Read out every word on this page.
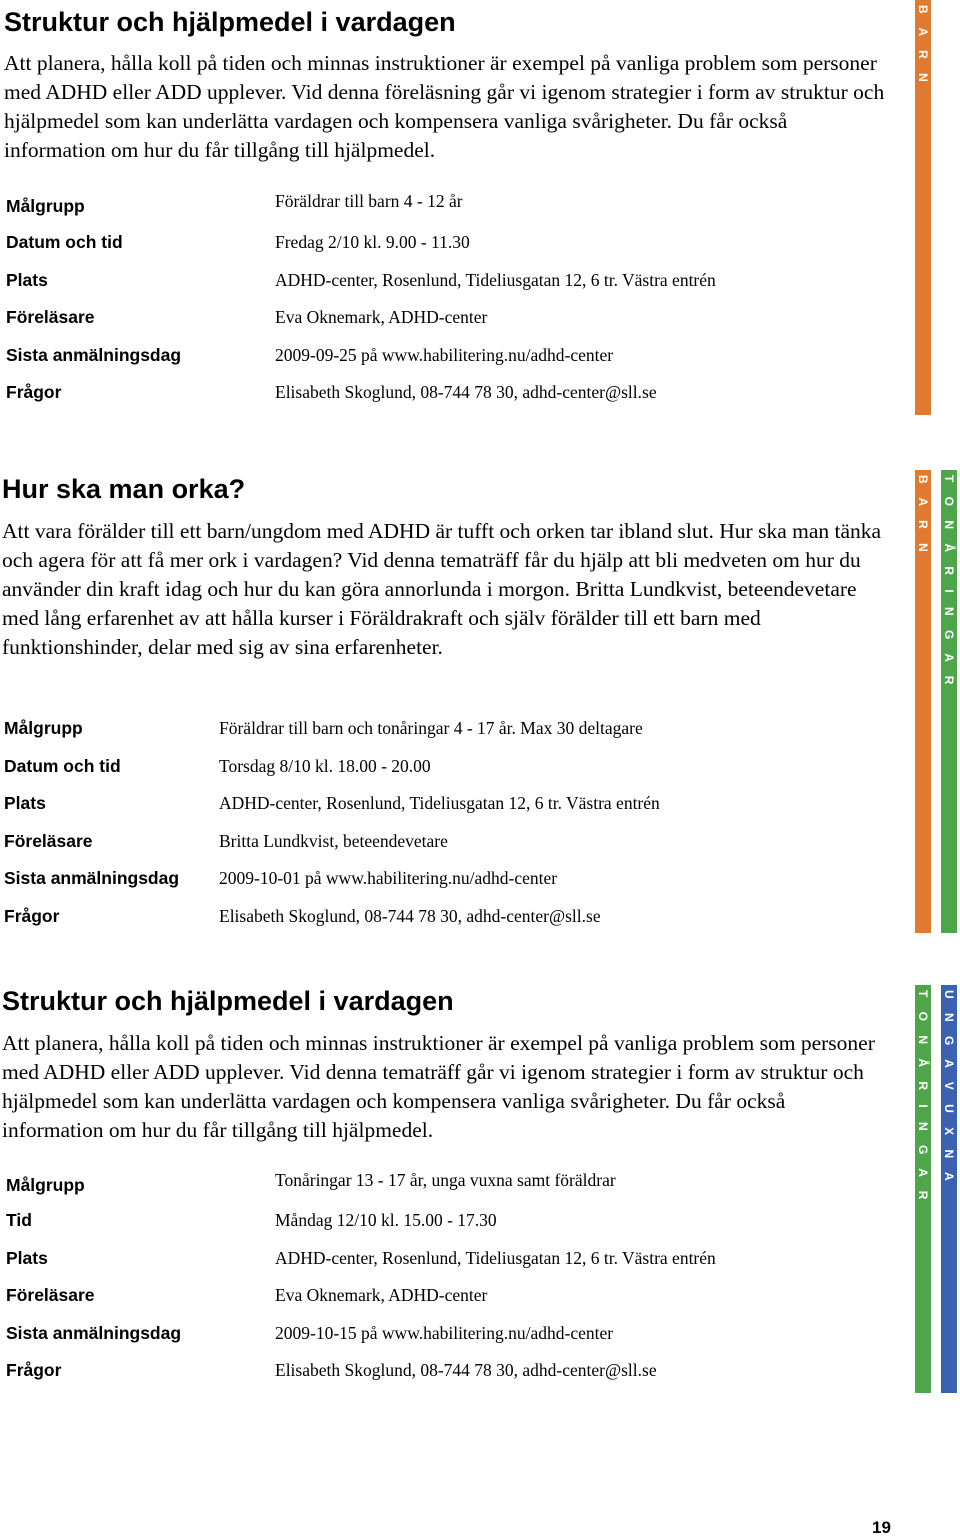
Struktur och hjälpmedel i vardagen

Att planera, hålla koll på tiden och minnas instruktioner är exempel på vanliga problem som personer med ADHD eller ADD upplever. Vid denna föreläsning går vi igenom strategier i form av struktur och hjälpmedel som kan underlätta vardagen och kompensera vanliga svårigheter. Du får också information om hur du får tillgång till hjälpmedel.

Målgrupp	Föräldrar till barn 4 - 12 år
Datum och tid	Fredag 2/10 kl. 9.00 - 11.30
Plats	ADHD-center, Rosenlund, Tideliusgatan 12, 6 tr. Västra entrén
Föreläsare	Eva Oknemark, ADHD-center
Sista anmälningsdag	2009-09-25 på www.habilitering.nu/adhd-center
Frågor	Elisabeth Skoglund, 08-744 78 30, adhd-center@sll.se
B A R N
Hur ska man orka?

Att vara förälder till ett barn/ungdom med ADHD är tufft och orken tar ibland slut. Hur ska man tänka och agera för att få mer ork i vardagen? Vid denna tematräff får du hjälp att bli medveten om hur du använder din kraft idag och hur du kan göra annorlunda i morgon. Britta Lundkvist, beteendevetare med lång erfarenhet av att hålla kurser i Föräldrakraft och själv förälder till ett barn med funktionshinder, delar med sig av sina erfarenheter.

Målgrupp	Föräldrar till barn och tonåringar 4 - 17 år. Max 30 deltagare
Datum och tid	Torsdag 8/10 kl. 18.00 - 20.00
Plats	ADHD-center, Rosenlund, Tideliusgatan 12, 6 tr. Västra entrén
Föreläsare	Britta Lundkvist, beteendevetare
Sista anmälningsdag 2009-10-01 på www.habilitering.nu/adhd-center
Frågor	Elisabeth Skoglund, 08-744 78 30, adhd-center@sll.se
B A R N T O N Å R I N G A R
Struktur och hjälpmedel i vardagen

Att planera, hålla koll på tiden och minnas instruktioner är exempel på vanliga problem som personer med ADHD eller ADD upplever. Vid denna tematräff går vi igenom strategier i form av struktur och hjälpmedel som kan underlätta vardagen och kompensera vanliga svårigheter. Du får också information om hur du får tillgång till hjälpmedel.

Målgrupp	Tonåringar 13 - 17 år, unga vuxna samt föräldrar
Tid	Måndag 12/10 kl. 15.00 - 17.30
Plats	ADHD-center, Rosenlund, Tideliusgatan 12, 6 tr. Västra entrén
Föreläsare	Eva Oknemark, ADHD-center
Sista anmälningsdag	2009-10-15 på www.habilitering.nu/adhd-center
Frågor	Elisabeth Skoglund, 08-744 78 30, adhd-center@sll.se
T O N Å R I N G A R U N G A V U X N A
19
